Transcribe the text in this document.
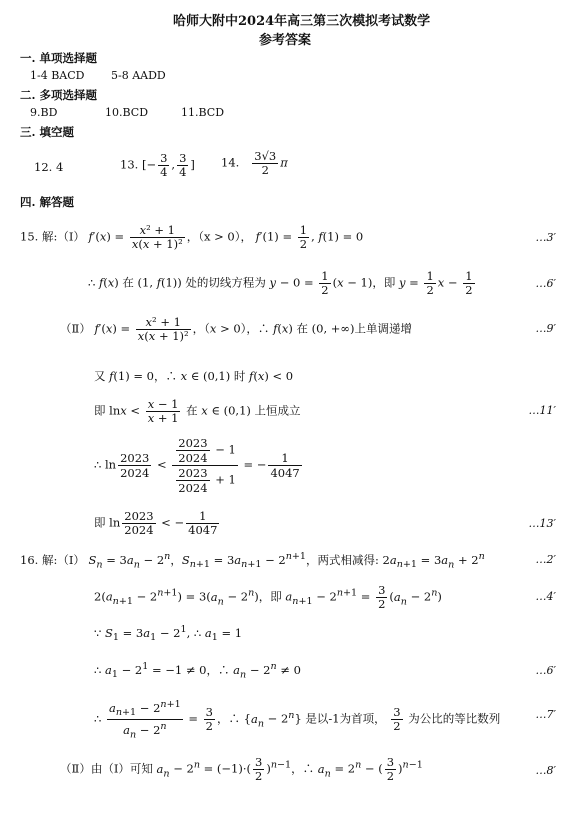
哈师大附中2024年高三第三次模拟考试数学
参考答案
一. 单项选择题
1-4 BACD 5-8 AADD
二. 多项选择题
9.BD	10.BCD	11.BCD
三. 填空题
12. 4	13. [− $\frac{3}{4}$ , $\frac{3}{4}$ ] 14. $\frac{3√3}{2}$ π
四. 解答题
15. 解:（Ⅰ） $f'(x) = \frac{\text{x² + 1}}{\text{x(x + 1)²}}$ ，（x > 0）， $f'(1) = \frac{1}{2}$ , f(1) = 0	…3′
∴ f(x) 在 (1, f(1)) 处的切线方程为 $y - 0 = \frac{1}{2} (x - 1)$，即 $y = \frac{1}{2}$ $x - \frac{1}{2}$	…6′
（Ⅱ） $f'(x) = \frac{\text{x² + 1}}{\text{x(x + 1)²}}$ ，（x > 0），∴ f(x) 在 (0, +∞)上单调递增	…9′
又 f(1) = 0，∴ x ∈ (0,1) 时 f(x) < 0
即 $\ln x < \frac{x - 1}{x + 1}$ 在 x ∈ (0,1) 上恒成立	…11′
∴ $\ln \frac{2023}{2024} < \frac{\frac{2023}{2024} - 1}{\frac{2023}{2024} + 1}$ = − $\frac{1}{4047}$
即 $\ln \frac{2023}{2024}$ < − $\frac{1}{4047}$	…13′
16. 解:（Ⅰ） $S_n = 3a_n - 2^n$，$S_{n+1} = 3a_{n+1} - 2^{n+1}$，两式相减得: $2a_{n+1} = 3a_n + 2^n$	…2′
$2(a_{n+1} - 2^{n+1}) = 3(a_n - 2^n)$，即 $a_{n+1} - 2^{n+1} = \frac{3}{2} (a_n - 2^n)$	…4′
∵ $S_1 = 3a_1 - 2^1$, ∴ $a_1 = 1$
∴ $a_1 - 2^1 = -1 \ne 0$，∴ $a_n - 2^n \ne 0$	…6′
∴ $\frac{a_{n+1} - 2^{n+1}}{a_n - 2^n} = \frac{3}{2}$ ，∴ $\{a_n - 2^n\}$ 是以-1为首项， $\frac{3}{2}$ 为公比的等比数列	…7′
（Ⅱ）由（Ⅰ）可知 $a_n - 2^n = (-1)\cdot( \frac{3}{2} )^{n-1}$，∴ $a_n = 2^n$ − ( $\frac{3}{2} )^{n-1}$	…8′
